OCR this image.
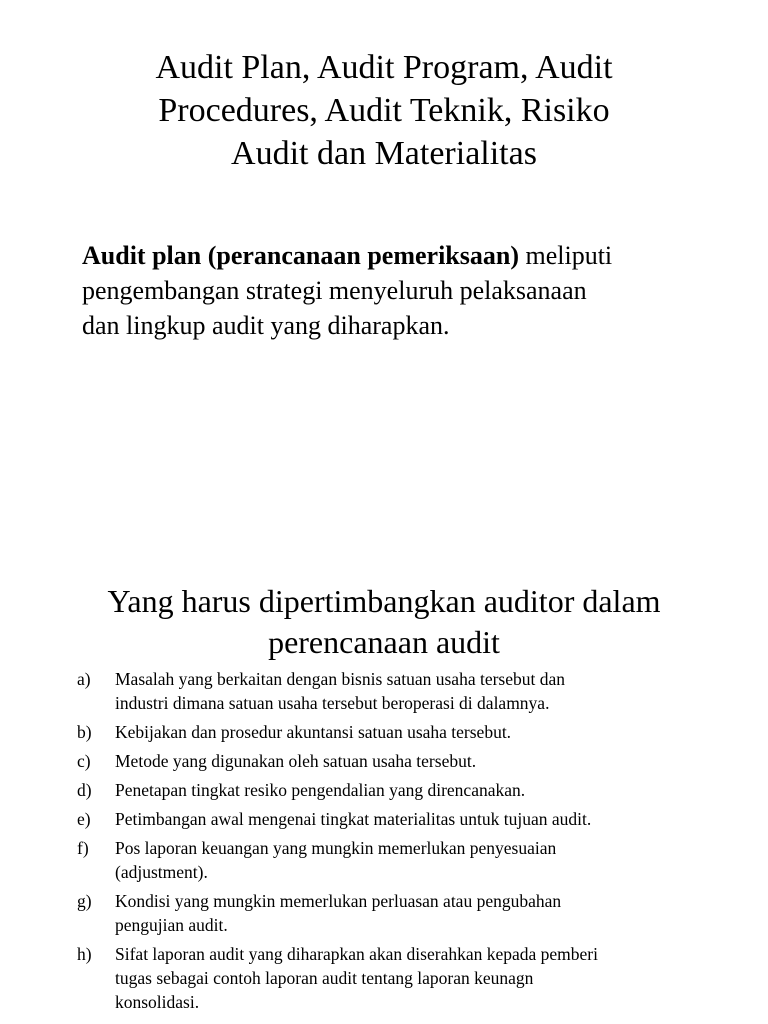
Audit Plan, Audit Program, Audit
Procedures, Audit Teknik, Risiko
Audit dan Materialitas

Audit plan (perancanaan pemeriksaan) meliputi
pengembangan strategi menyeluruh pelaksanaan
dan lingkup audit yang diharapkan.

Yang harus dipertimbangkan auditor dalam
perencanaan audit
a)	Masalah yang berkaitan dengan bisnis satuan usaha tersebut dan
industri dimana satuan usaha tersebut beroperasi di dalamnya.
b)	Kebijakan dan prosedur akuntansi satuan usaha tersebut.
c)	Metode yang digunakan oleh satuan usaha tersebut.
d)	Penetapan tingkat resiko pengendalian yang direncanakan.
e)	Petimbangan awal mengenai tingkat materialitas untuk tujuan audit.
f)	Pos laporan keuangan yang mungkin memerlukan penyesuaian
(adjustment).
g)	Kondisi yang mungkin memerlukan perluasan atau pengubahan
pengujian audit.
h)	Sifat laporan audit yang diharapkan akan diserahkan kepada pemberi
tugas sebagai contoh laporan audit tentang laporan keunagn
konsolidasi.
